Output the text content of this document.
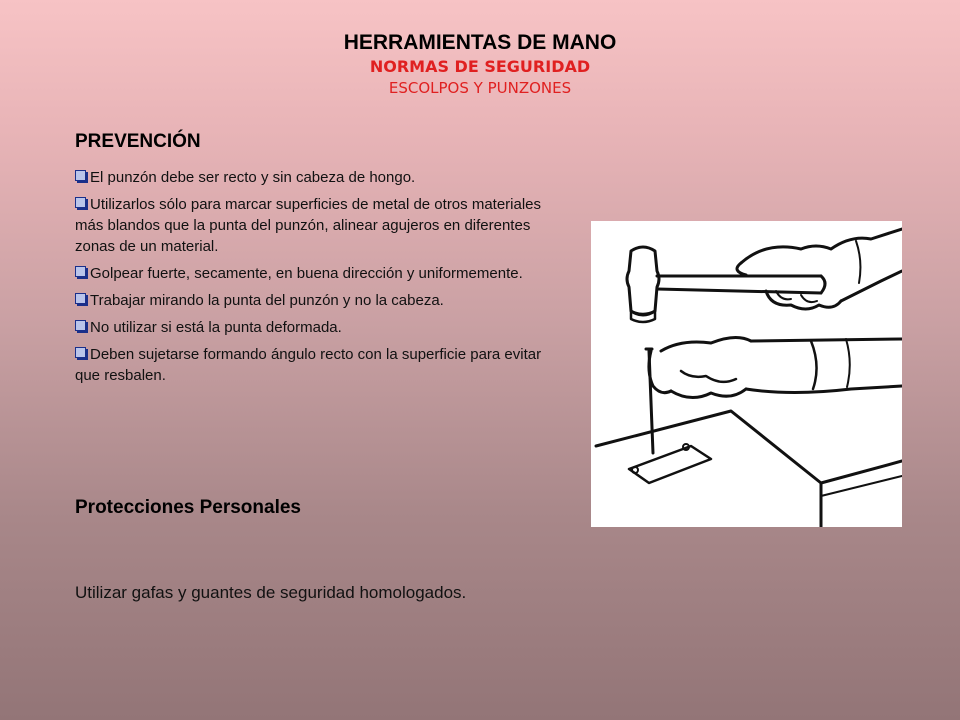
HERRAMIENTAS DE MANO
NORMAS DE SEGURIDAD
ESCOLPOS Y PUNZONES
PREVENCIÓN
El punzón debe ser recto y sin cabeza de hongo.
Utilizarlos sólo para marcar superficies de metal de otros materiales más blandos que la punta del punzón, alinear agujeros en diferentes zonas de un material.
Golpear fuerte, secamente, en buena dirección y uniformemente.
Trabajar mirando la punta del punzón y no la cabeza.
No utilizar si está la punta deformada.
Deben sujetarse formando ángulo recto con la superficie para evitar que resbalen.
Protecciones Personales
Utilizar gafas y guantes de seguridad homologados.
